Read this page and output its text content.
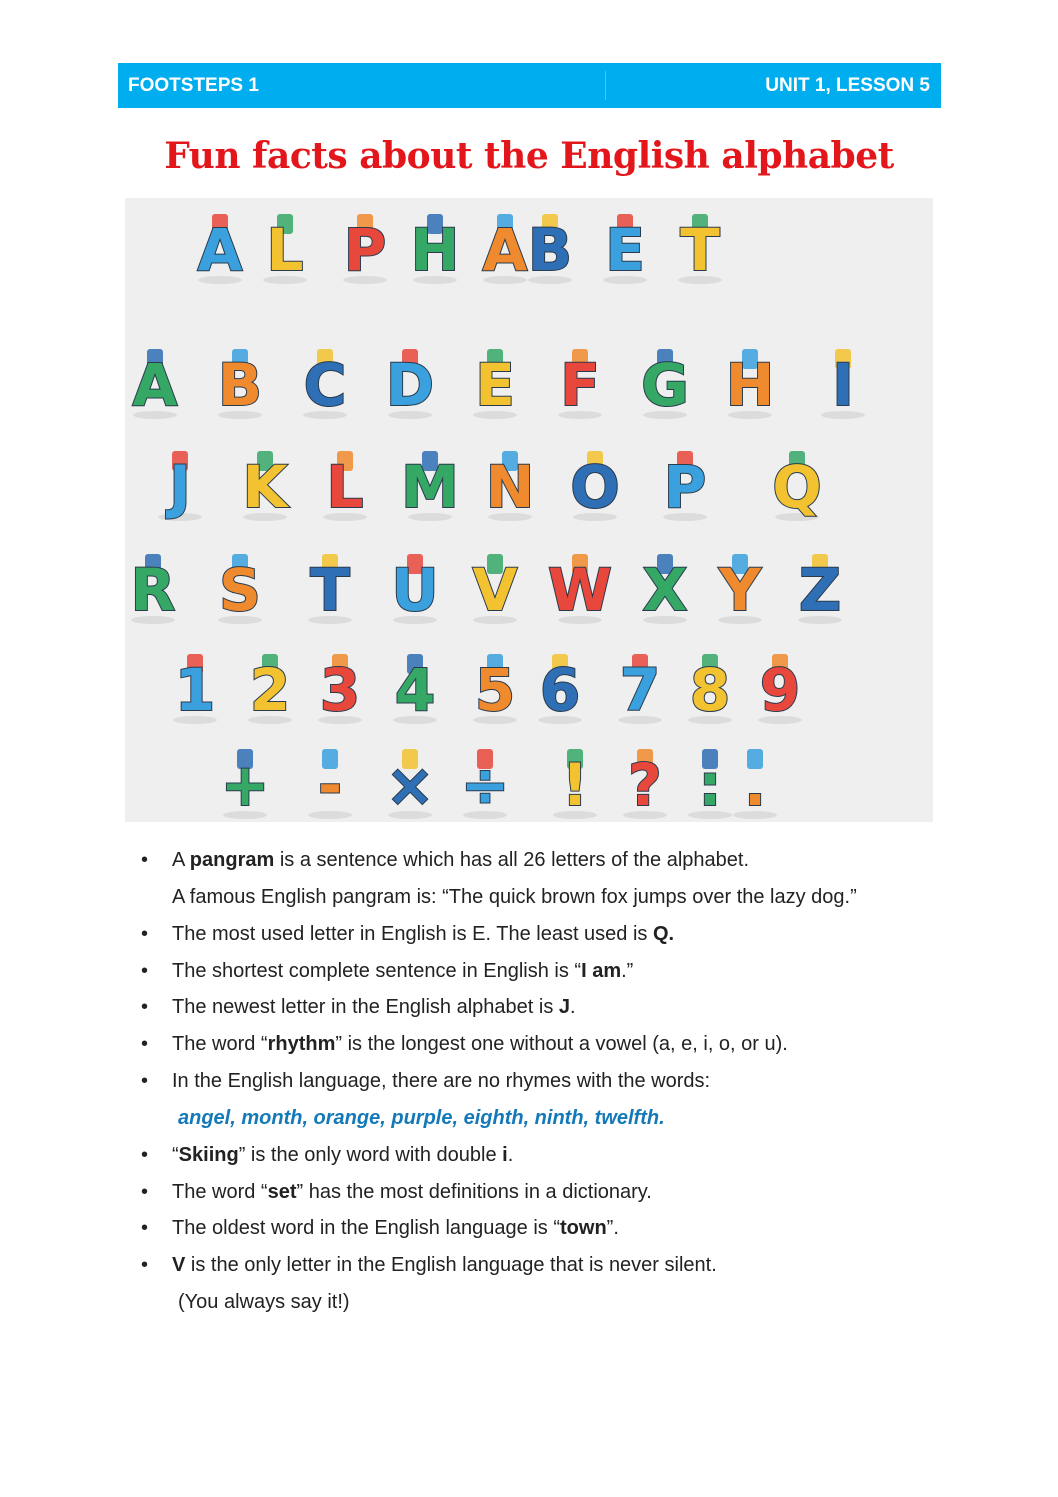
FOOTSTEPS 1	UNIT 1, LESSON 5
Fun facts about the English alphabet
A L P H A B E T
A B C D E F G H I
J K L M N O P Q
R S T U V W X Y Z
1 2 3 4 5 6 7 8 9
+ - × ÷ ! ? : .
• A pangram is a sentence which has all 26 letters of the alphabet.
A famous English pangram is: “The quick brown fox jumps over the lazy dog.”
• The most used letter in English is E. The least used is Q.
• The shortest complete sentence in English is “I am.”
• The newest letter in the English alphabet is J.
• The word “rhythm” is the longest one without a vowel (a, e, i, o, or u).
• In the English language, there are no rhymes with the words:
angel, month, orange, purple, eighth, ninth, twelfth.
• “Skiing” is the only word with double i.
• The word “set” has the most definitions in a dictionary.
• The oldest word in the English language is “town”.
• V is the only letter in the English language that is never silent.
(You always say it!)
